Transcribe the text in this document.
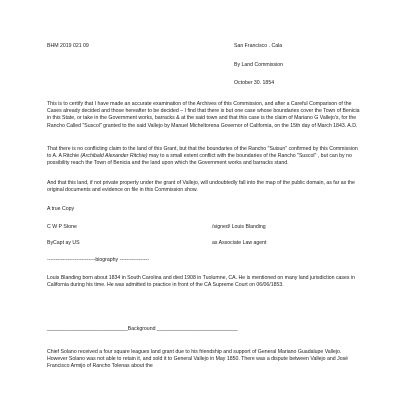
BHM 2019 021 09	San Francisco . Cala
By Land Commission
October 30. 1854
This is to certify that I have made an accurate examination of the Archives of this Commission, and after a Careful Comparison of the Cases already decided and those hereafter to be decided – I find that there is but one case whose boundaries cover the Town of Benicia in this State, or take in the Government works, barracks & at the said town and that this case is the claim of Mariano G Vallejo's, for the Rancho Called "Suscol" granted to the said Vallejo by Manuel Micheltorena Governor of California, on the 15th day of March 1843. A.D.
That there is no conflicting claim to the land of this Grant, but that the boundaries of the Rancho "Suisun" confirmed by this Commission to A. A Ritchie (Archibald Alexander Ritchie) may to a small extent conflict with the boundaries of the Rancho "Suscol" , but can by no possibility reach the Town of Benicia and the land upon which the Government works and barracks stand.
And that this land, if not private property under the grant of Vallejo, will undoubtedly fall into the map of the public domain, as far as the original documents and evidence on file in this Commission show.
A true Copy
C W P Stone	/signed/ Louis Blanding
ByCapt ay US	as Associate Law agent
----------------------------biography -----------------
Louis Blanding born about 1834 in South Carolina and died 1908 in Tuolumne, CA. He is mentioned on many land jurisdiction cases in California during his time. He was admitted to practice in front of the CA Supreme Court on 06/06/1853.
____________________________Background ____________________________
Chief Solano received a four square leagues land grant due to his friendship and support of General Mariano Guadalupe Vallejo. However Solano was not able to retain it, and sold it to General Vallejo in May 1850. There was a dispute between Vallejo and José Francisco Armijo of Rancho Tolenas about the
